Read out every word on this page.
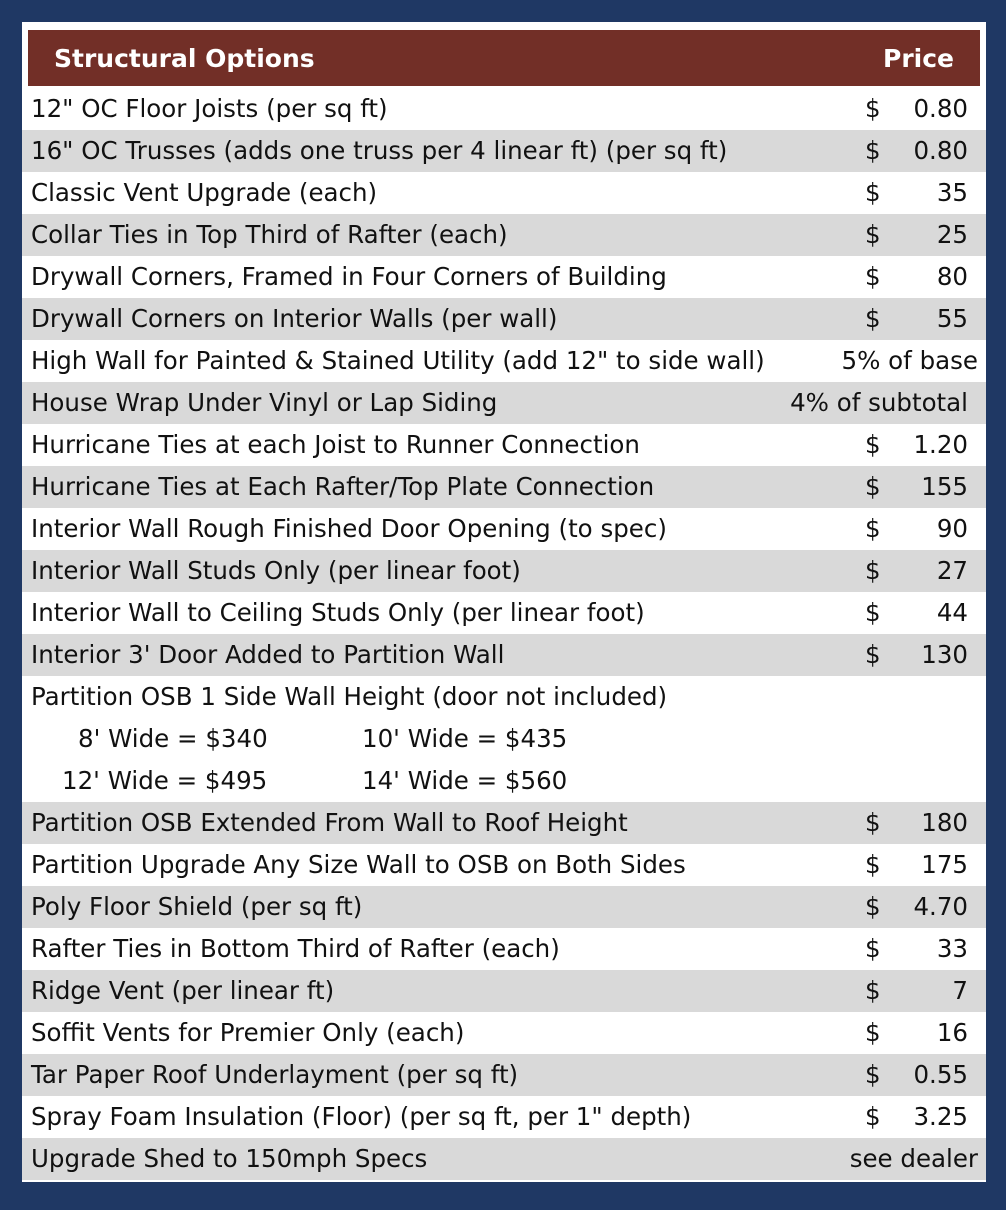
Structural Options	Price
12" OC Floor Joists (per sq ft)	$ 0.80
16" OC Trusses (adds one truss per 4 linear ft) (per sq ft)	$ 0.80
Classic Vent Upgrade (each)	$ 35
Collar Ties in Top Third of Rafter (each)	$ 25
Drywall Corners, Framed in Four Corners of Building	$ 80
Drywall Corners on Interior Walls (per wall)	$ 55
High Wall for Painted & Stained Utility (add 12" to side wall)	5% of base
House Wrap Under Vinyl or Lap Siding	4% of subtotal
Hurricane Ties at each Joist to Runner Connection	$ 1.20
Hurricane Ties at Each Rafter/Top Plate Connection	$ 155
Interior Wall Rough Finished Door Opening (to spec)	$ 90
Interior Wall Studs Only (per linear foot)	$ 27
Interior Wall to Ceiling Studs Only (per linear foot)	$ 44
Interior 3' Door Added to Partition Wall	$ 130
Partition OSB 1 Side Wall Height (door not included)
8' Wide = $340	10' Wide = $435
12' Wide = $495	14' Wide = $560
Partition OSB Extended From Wall to Roof Height	$ 180
Partition Upgrade Any Size Wall to OSB on Both Sides	$ 175
Poly Floor Shield (per sq ft)	$ 4.70
Rafter Ties in Bottom Third of Rafter (each)	$ 33
Ridge Vent (per linear ft)	$	7
Soffit Vents for Premier Only (each)	$ 16
Tar Paper Roof Underlayment (per sq ft)	$ 0.55
Spray Foam Insulation (Floor) (per sq ft, per 1" depth)	$ 3.25
Upgrade Shed to 150mph Specs	see dealer
